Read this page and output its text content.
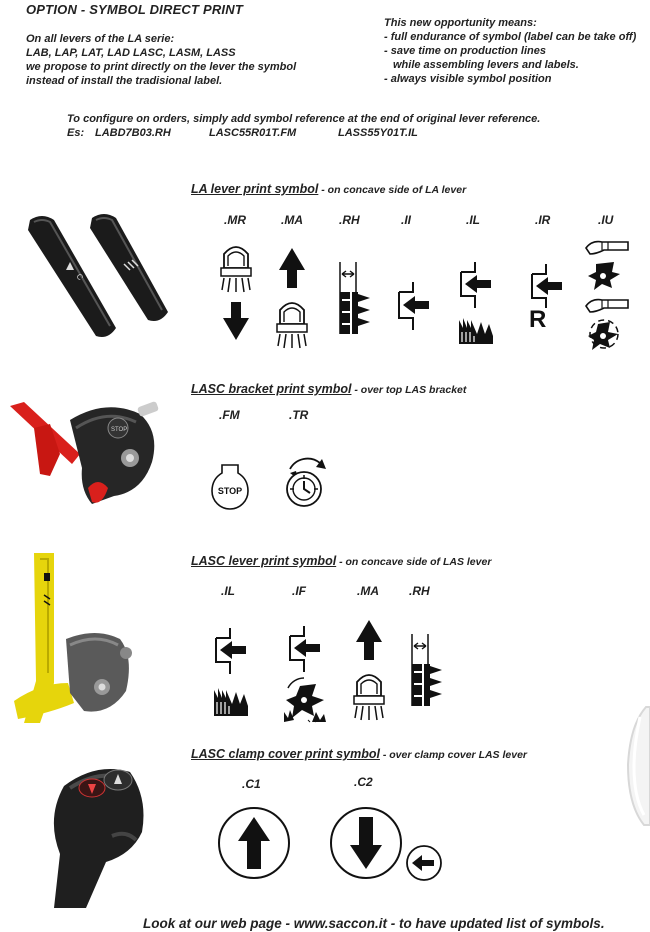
OPTION - SYMBOL DIRECT PRINT
On all levers of the LA serie:
LAB, LAP, LAT, LAD LASC, LASM, LASS
we propose to print directly on the lever the symbol
instead of install the tradisional label.
This new opportunity means:
- full endurance of symbol (label can be take off)
- save time on production lines
while assembling levers and labels.
- always visible symbol position
To configure on orders, simply add symbol reference at the end of original lever reference.
Es: LABD7B03.RH	LASC55R01T.FM	LASS55Y01T.IL
LA lever print symbol - on concave side of LA lever
C
.MR	.MA	.RH	.II	.IL	.IR	.IU
R
LASC bracket print symbol - over top LAS bracket
STOP
.FM	.TR
STOP
LASC lever print symbol - on concave side of LAS lever
.IL	.IF	.MA	.RH
LASC clamp cover print symbol - over clamp cover LAS lever
.C1	.C2
Look at our web page - www.saccon.it - to have updated list of symbols.
